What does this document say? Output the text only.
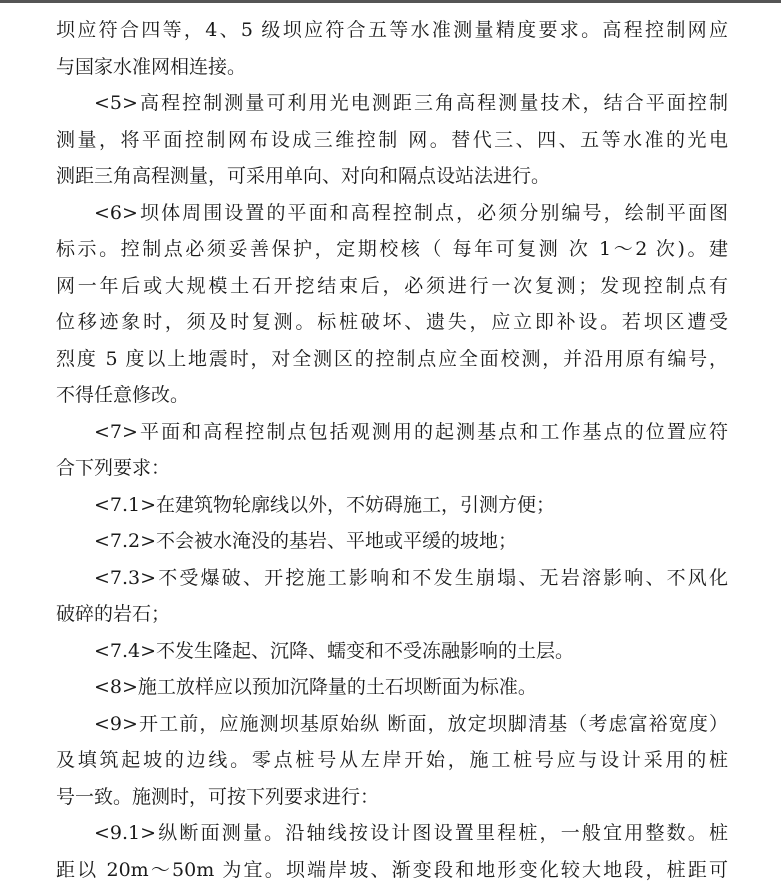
坝应符合四等，4、5 级坝应符合五等水准测量精度要求。高程控制网应
与国家水准网相连接。
<5>高程控制测量可利用光电测距三角高程测量技术，结合平面控制
测量，将平面控制网布设成三维控制 网。替代三、四、五等水准的光电
测距三角高程测量，可采用单向、对向和隔点设站法进行。
<6>坝体周围设置的平面和高程控制点，必须分别编号，绘制平面图
标示。控制点必须妥善保护，定期校核（ 每年可复测 次 1～2 次)。建
网一年后或大规模土石开挖结束后，必须进行一次复测；发现控制点有
位移迹象时，须及时复测。标桩破坏、遗失，应立即补设。若坝区遭受
烈度 5 度以上地震时，对全测区的控制点应全面校测，并沿用原有编号，
不得任意修改。
<7>平面和高程控制点包括观测用的起测基点和工作基点的位置应符
合下列要求：
<7.1>在建筑物轮廓线以外，不妨碍施工，引测方便；
<7.2>不会被水淹没的基岩、平地或平缓的坡地；
<7.3>不受爆破、开挖施工影响和不发生崩塌、无岩溶影响、不风化
破碎的岩石；
<7.4>不发生隆起、沉降、蠕变和不受冻融影响的土层。
<8>施工放样应以预加沉降量的土石坝断面为标准。
<9>开工前，应施测坝基原始纵 断面，放定坝脚清基（考虑富裕宽度）
及填筑起坡的边线。零点桩号从左岸开始，施工桩号应与设计采用的桩
号一致。施测时，可按下列要求进行：
<9.1>纵断面测量。沿轴线按设计图设置里程桩，一般宜用整数。桩
距以 20m～50m 为宜。坝端岸坡、渐变段和地形变化较大地段，桩距可
